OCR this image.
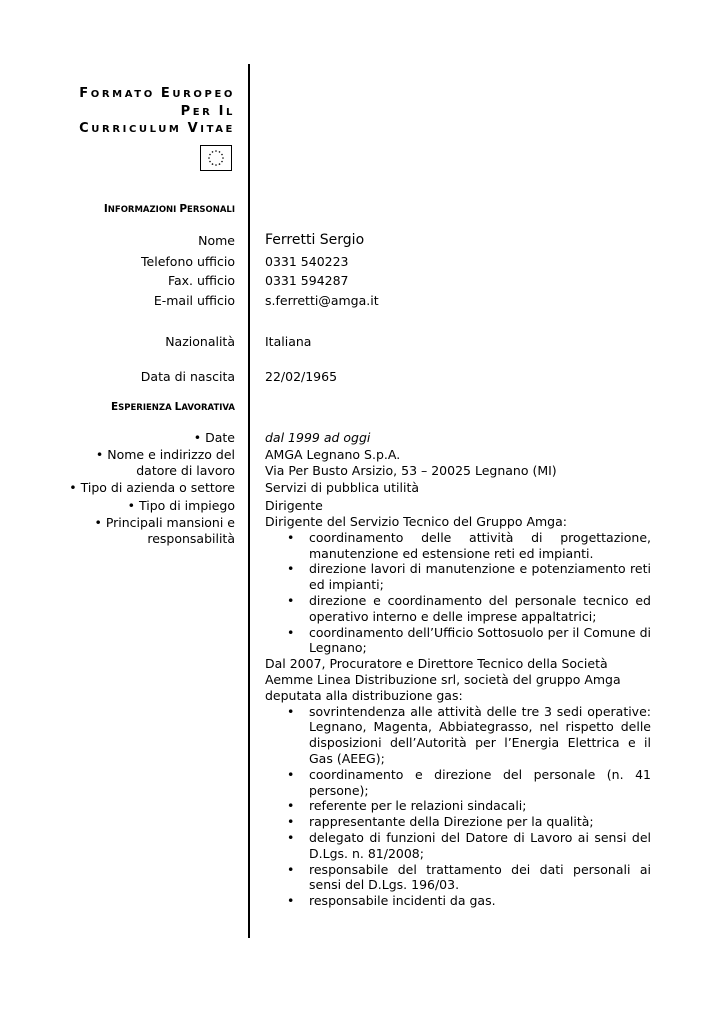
FORMATO EUROPEO
PER IL
CURRICULUM VITAE
INFORMAZIONI PERSONALI
Nome Ferretti Sergio
Telefono ufficio 0331 540223
Fax. ufficio 0331 594287
E-mail ufficio s.ferretti@amga.it
Nazionalità Italiana
Data di nascita 22/02/1965
ESPERIENZA LAVORATIVA
• Date dal 1999 ad oggi
• Nome e indirizzo del AMGA Legnano S.p.A.
datore di lavoro Via Per Busto Arsizio, 53 – 20025 Legnano (MI)
• Tipo di azienda o settore Servizi di pubblica utilità
• Tipo di impiego Dirigente
• Principali mansioni e
responsabilità

Dirigente del Servizio Tecnico del Gruppo Amga:

• coordinamento delle attività di progettazione, manutenzione ed estensione reti ed impianti.
• direzione lavori di manutenzione e potenziamento reti ed impianti;
• direzione e coordinamento del personale tecnico ed operativo interno e delle imprese appaltatrici;
• coordinamento dell’Ufficio Sottosuolo per il Comune di Legnano;

Dal 2007, Procuratore e Direttore Tecnico della Società Aemme Linea Distribuzione srl, società del gruppo Amga deputata alla distribuzione gas:

• sovrintendenza alle attività delle tre 3 sedi operative: Legnano, Magenta, Abbiategrasso, nel rispetto delle disposizioni dell’Autorità per l’Energia Elettrica e il Gas (AEEG);
• coordinamento e direzione del personale (n. 41 persone);
• referente per le relazioni sindacali;
• rappresentante della Direzione per la qualità;
• delegato di funzioni del Datore di Lavoro ai sensi del D.Lgs. n. 81/2008;
• responsabile del trattamento dei dati personali ai sensi del D.Lgs. 196/03.
• responsabile incidenti da gas.
